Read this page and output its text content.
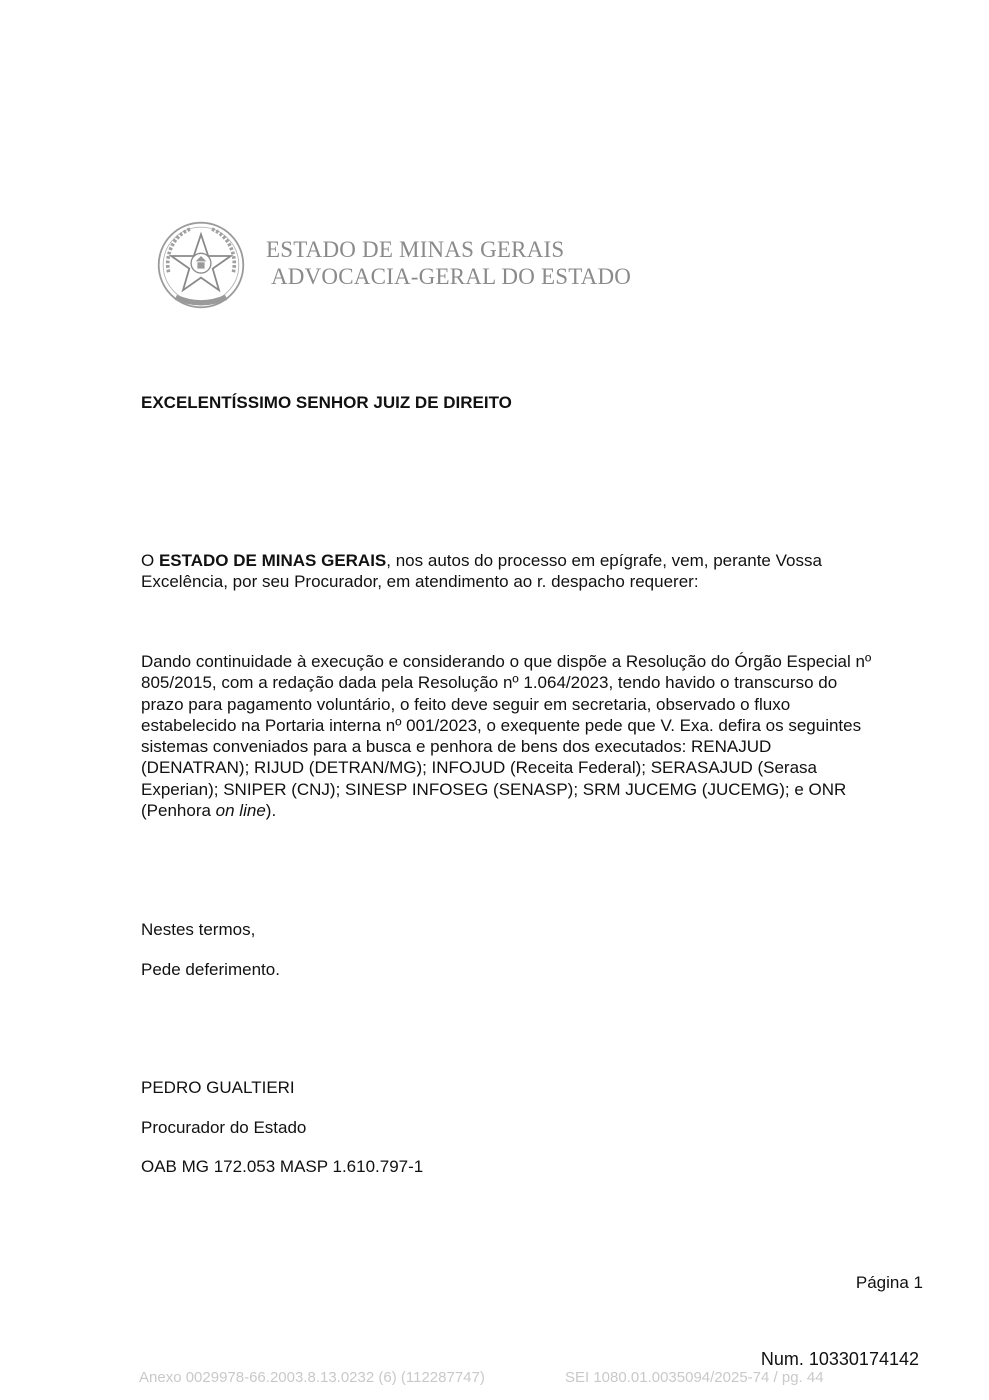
ESTADO DE MINAS GERAIS
ADVOCACIA-GERAL DO ESTADO
EXCELENTÍSSIMO SENHOR JUIZ DE DIREITO
O ESTADO DE MINAS GERAIS, nos autos do processo em epígrafe, vem, perante Vossa Excelência, por seu Procurador, em atendimento ao r. despacho requerer:
Dando continuidade à execução e considerando o que dispõe a Resolução do Órgão Especial nº 805/2015, com a redação dada pela Resolução nº 1.064/2023, tendo havido o transcurso do prazo para pagamento voluntário, o feito deve seguir em secretaria, observado o fluxo estabelecido na Portaria interna nº 001/2023, o exequente pede que V. Exa. defira os seguintes sistemas conveniados para a busca e penhora de bens dos executados: RENAJUD (DENATRAN); RIJUD (DETRAN/MG); INFOJUD (Receita Federal); SERASAJUD (Serasa Experian); SNIPER (CNJ); SINESP INFOSEG (SENASP); SRM JUCEMG (JUCEMG); e ONR (Penhora on line).
Nestes termos,
Pede deferimento.
PEDRO GUALTIERI
Procurador do Estado
OAB MG 172.053 MASP 1.610.797-1
Página 1
Num. 10330174142
Anexo 0029978-66.2003.8.13.0232 (6) (112287747)	SEI 1080.01.0035094/2025-74 / pg. 44
